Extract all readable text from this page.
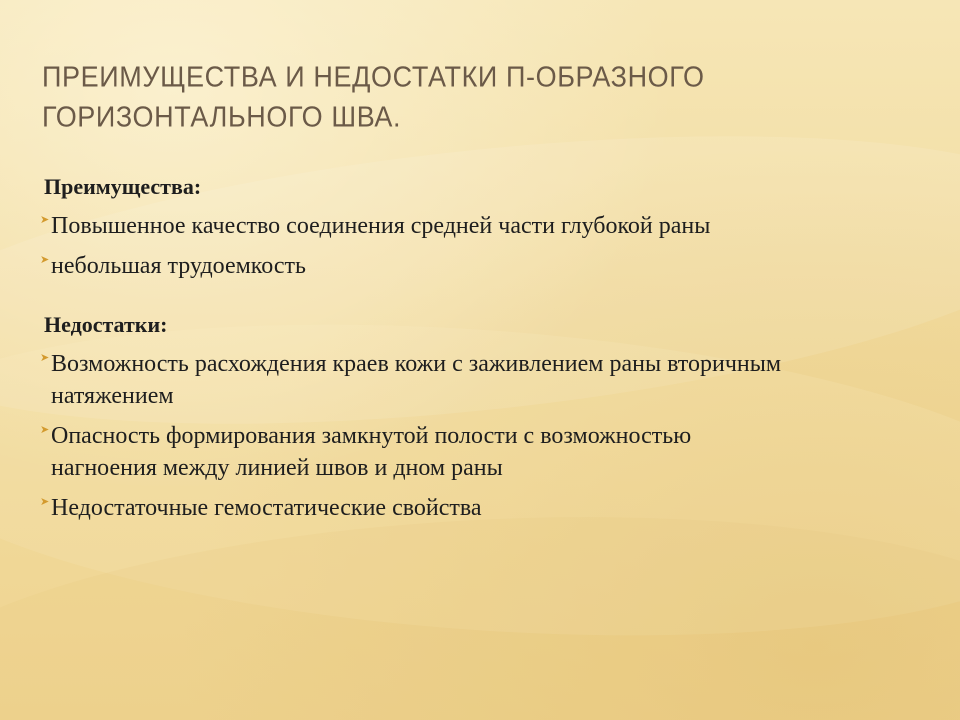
ПРЕИМУЩЕСТВА И НЕДОСТАТКИ П-ОБРАЗНОГО
ГОРИЗОНТАЛЬНОГО ШВА.
Преимущества:
➤ Повышенное качество соединения средней части глубокой раны
➤ небольшая трудоемкость
Недостатки:
➤ Возможность расхождения краев кожи с заживлением раны вторичным
натяжением
➤ Опасность формирования замкнутой полости с возможностью
нагноения между линией швов и дном раны
➤ Недостаточные гемостатические свойства
